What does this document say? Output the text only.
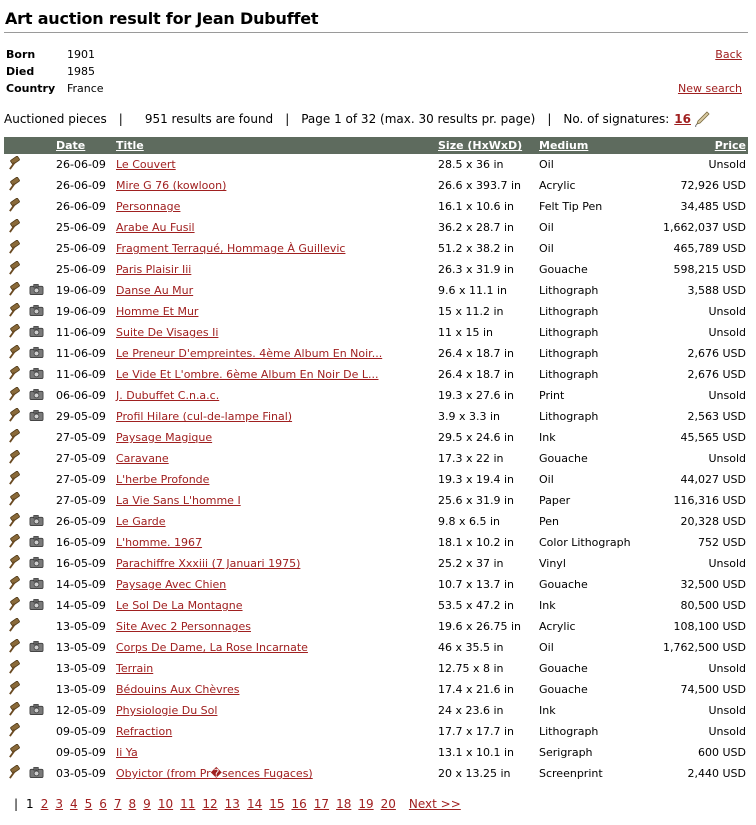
Art auction result for Jean Dubuffet
Born	1901
Died	1985
Country	France
Back
New search
Auctioned pieces | 951 results are found | Page 1 of 32 (max. 30 results pr. page) | No. of signatures: 16
		Date	Title	Size (HxWxD)	Medium	Price

		26-06-09	Le Couvert	28.5 x 36 in	Oil	Unsold

		26-06-09	Mire G 76 (kowloon)	26.6 x 393.7 in	Acrylic	72,926 USD

		26-06-09	Personnage	16.1 x 10.6 in	Felt Tip Pen	34,485 USD

		25-06-09	Arabe Au Fusil	36.2 x 28.7 in	Oil	1,662,037 USD

		25-06-09	Fragment Terraqué, Hommage À Guillevic	51.2 x 38.2 in	Oil	465,789 USD

		25-06-09	Paris Plaisir Iii	26.3 x 31.9 in	Gouache	598,215 USD

	19-06-09	Danse Au Mur	9.6 x 11.1 in	Lithograph	3,588 USD

	19-06-09	Homme Et Mur	15 x 11.2 in	Lithograph	Unsold

	11-06-09	Suite De Visages Ii	11 x 15 in	Lithograph	Unsold

	11-06-09	Le Preneur D'empreintes. 4ème Album En Noir...	26.4 x 18.7 in	Lithograph	2,676 USD

	11-06-09	Le Vide Et L'ombre. 6ème Album En Noir De L...	26.4 x 18.7 in	Lithograph	2,676 USD

	06-06-09	J. Dubuffet C.n.a.c.	19.3 x 27.6 in	Print	Unsold

	29-05-09	Profil Hilare (cul-de-lampe Final)	3.9 x 3.3 in	Lithograph	2,563 USD

		27-05-09	Paysage Magique	29.5 x 24.6 in	Ink	45,565 USD

		27-05-09	Caravane	17.3 x 22 in	Gouache	Unsold

		27-05-09	L'herbe Profonde	19.3 x 19.4 in	Oil	44,027 USD

		27-05-09	La Vie Sans L'homme I	25.6 x 31.9 in	Paper	116,316 USD

	26-05-09	Le Garde	9.8 x 6.5 in	Pen	20,328 USD

	16-05-09	L'homme. 1967	18.1 x 10.2 in	Color Lithograph	752 USD

	16-05-09	Parachiffre Xxxiii (7 Januari 1975)	25.2 x 37 in	Vinyl	Unsold

	14-05-09	Paysage Avec Chien	10.7 x 13.7 in	Gouache	32,500 USD

	14-05-09	Le Sol De La Montagne	53.5 x 47.2 in	Ink	80,500 USD

		13-05-09	Site Avec 2 Personnages	19.6 x 26.75 in	Acrylic	108,100 USD

	13-05-09	Corps De Dame, La Rose Incarnate	46 x 35.5 in	Oil	1,762,500 USD

		13-05-09	Terrain	12.75 x 8 in	Gouache	Unsold

		13-05-09	Bédouins Aux Chèvres	17.4 x 21.6 in	Gouache	74,500 USD

	12-05-09	Physiologie Du Sol	24 x 23.6 in	Ink	Unsold

		09-05-09	Refraction	17.7 x 17.7 in	Lithograph	Unsold

		09-05-09	Ii Ya	13.1 x 10.1 in	Serigraph	600 USD

	03-05-09	Obyictor (from Pr�sences Fugaces)	20 x 13.25 in	Screenprint	2,440 USD
| 1 2 3 4 5 6 7 8 9 10 11 12 13 14 15 16 17 18 19 20 Next >>
